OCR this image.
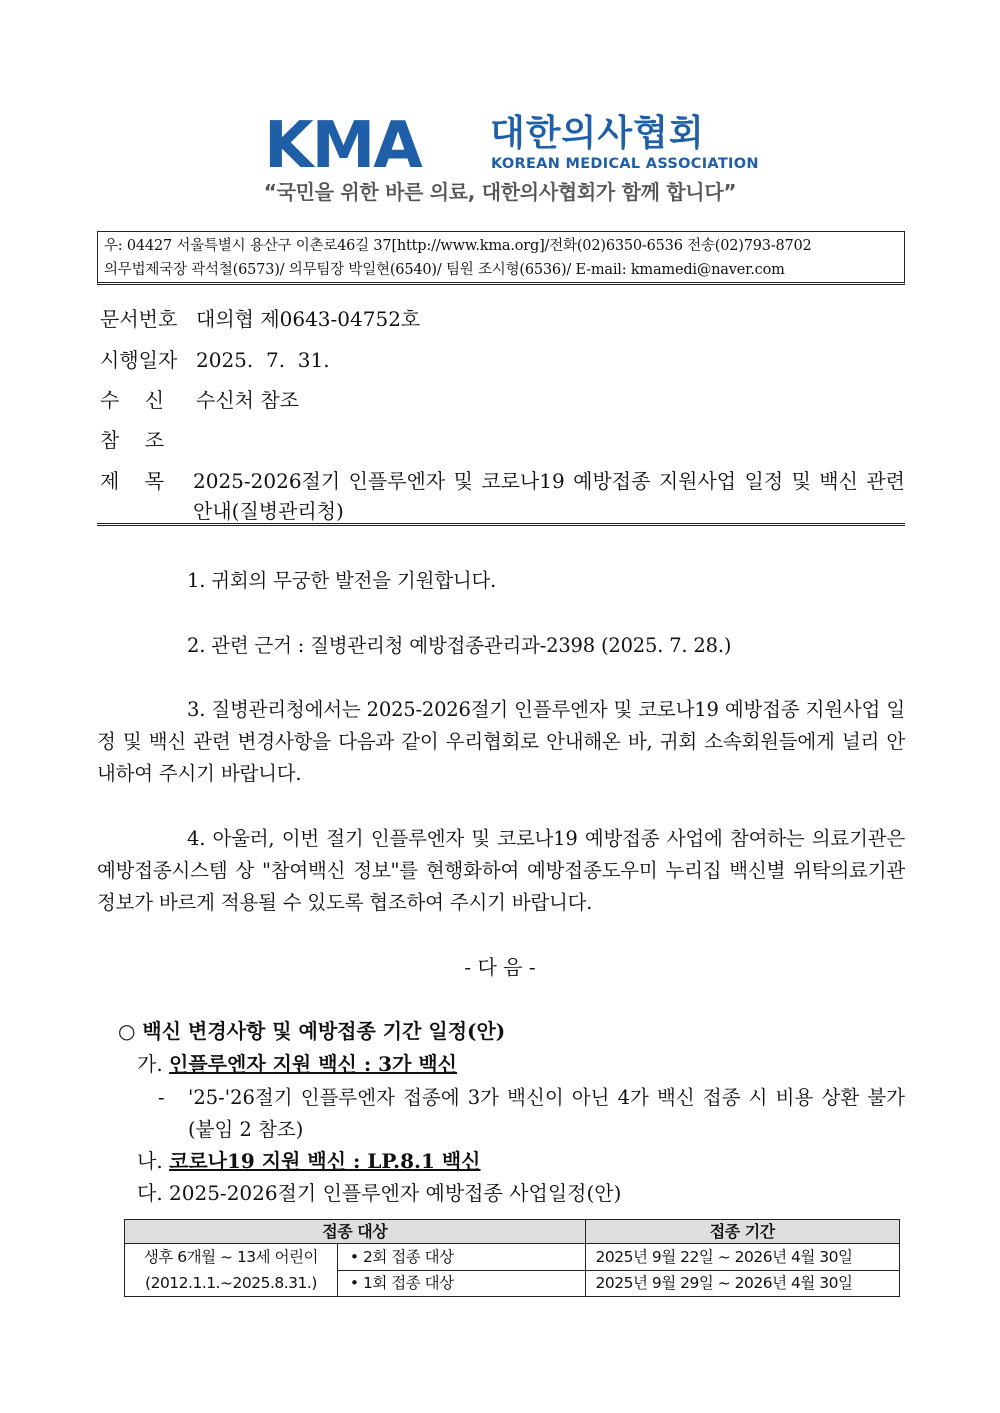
KMA 대한의사협회
KOREAN MEDICAL ASSOCIATION
“국민을 위한 바른 의료, 대한의사협회가 함께 합니다”
우: 04427 서울특별시 용산구 이촌로46길 37[http://www.kma.org]/전화(02)6350-6536 전송(02)793-8702
의무법제국장 곽석철(6573)/ 의무팀장 박일현(6540)/ 팀원 조시형(6536)/ E-mail: kmamedi@naver.com
문서번호 대의협 제0643-04752호
시행일자 2025.  7.  31.
수    신 수신처 참조
참    조
제    목 2025-2026절기 인플루엔자 및 코로나19 예방접종 지원사업 일정 및 백신 관련 안내(질병관리청)
1. 귀회의 무궁한 발전을 기원합니다.
2. 관련 근거 : 질병관리청 예방접종관리과-2398 (2025. 7. 28.)
3. 질병관리청에서는 2025-2026절기 인플루엔자 및 코로나19 예방접종 지원사업 일정 및 백신 관련 변경사항을 다음과 같이 우리협회로 안내해온 바, 귀회 소속회원들에게 널리 안내하여 주시기 바랍니다.
4. 아울러, 이번 절기 인플루엔자 및 코로나19 예방접종 사업에 참여하는 의료기관은 예방접종시스템 상 "참여백신 정보"를 현행화하여 예방접종도우미 누리집 백신별 위탁의료기관 정보가 바르게 적용될 수 있도록 협조하여 주시기 바랍니다.
- 다 음 -
○ 백신 변경사항 및 예방접종 기간 일정(안)
가. 인플루엔자 지원 백신 : 3가 백신
- '25-'26절기 인플루엔자 접종에 3가 백신이 아닌 4가 백신 접종 시 비용 상환 불가(붙임 2 참조)
나. 코로나19 지원 백신 : LP.8.1 백신
다. 2025-2026절기 인플루엔자 예방접종 사업일정(안)
접종 대상		접종 기간

생후 6개월 ~ 13세 어린이
(2012.1.1.~2025.8.31.)	• 2회 접종 대상	2025년 9월 22일 ~ 2026년 4월 30일
	• 1회 접종 대상	2025년 9월 29일 ~ 2026년 4월 30일
